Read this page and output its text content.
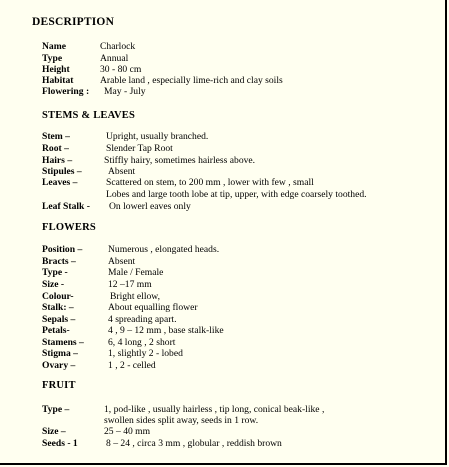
DESCRIPTION
Name	Charlock
Type	Annual
Height	30 - 80 cm
Habitat	Arable land , especially lime-rich and clay soils
Flowering : May - July
STEMS & LEAVES
Stem –	Upright, usually branched.
Root –	Slender Tap Root
Hairs –	Stiffly hairy, sometimes hairless above.
Stipules –	Absent
Leaves –	Scattered on stem, to 200 mm , lower with few , small
Lobes and large tooth lobe at tip, upper, with edge coarsely toothed.
Leaf Stalk - On lowerl eaves only
FLOWERS
Position –	Numerous , elongated heads.
Bracts –	Absent
Type -	Male / Female
Size -	12 –17 mm
Colour-	Bright ellow,
Stalk: –	About equalling flower
Sepals –	4 spreading apart.
Petals-	4 , 9 – 12 mm , base stalk-like
Stamens –	6, 4 long , 2 short
Stigma –	1, slightly 2 - lobed
Ovary –	1 , 2 - celled
FRUIT
Type –	1, pod-like , usually hairless , tip long, conical beak-like ,
swollen sides split away, seeds in 1 row.
Size –	25 – 40 mm
Seeds - 1	8 – 24 , circa 3 mm , globular , reddish brown
